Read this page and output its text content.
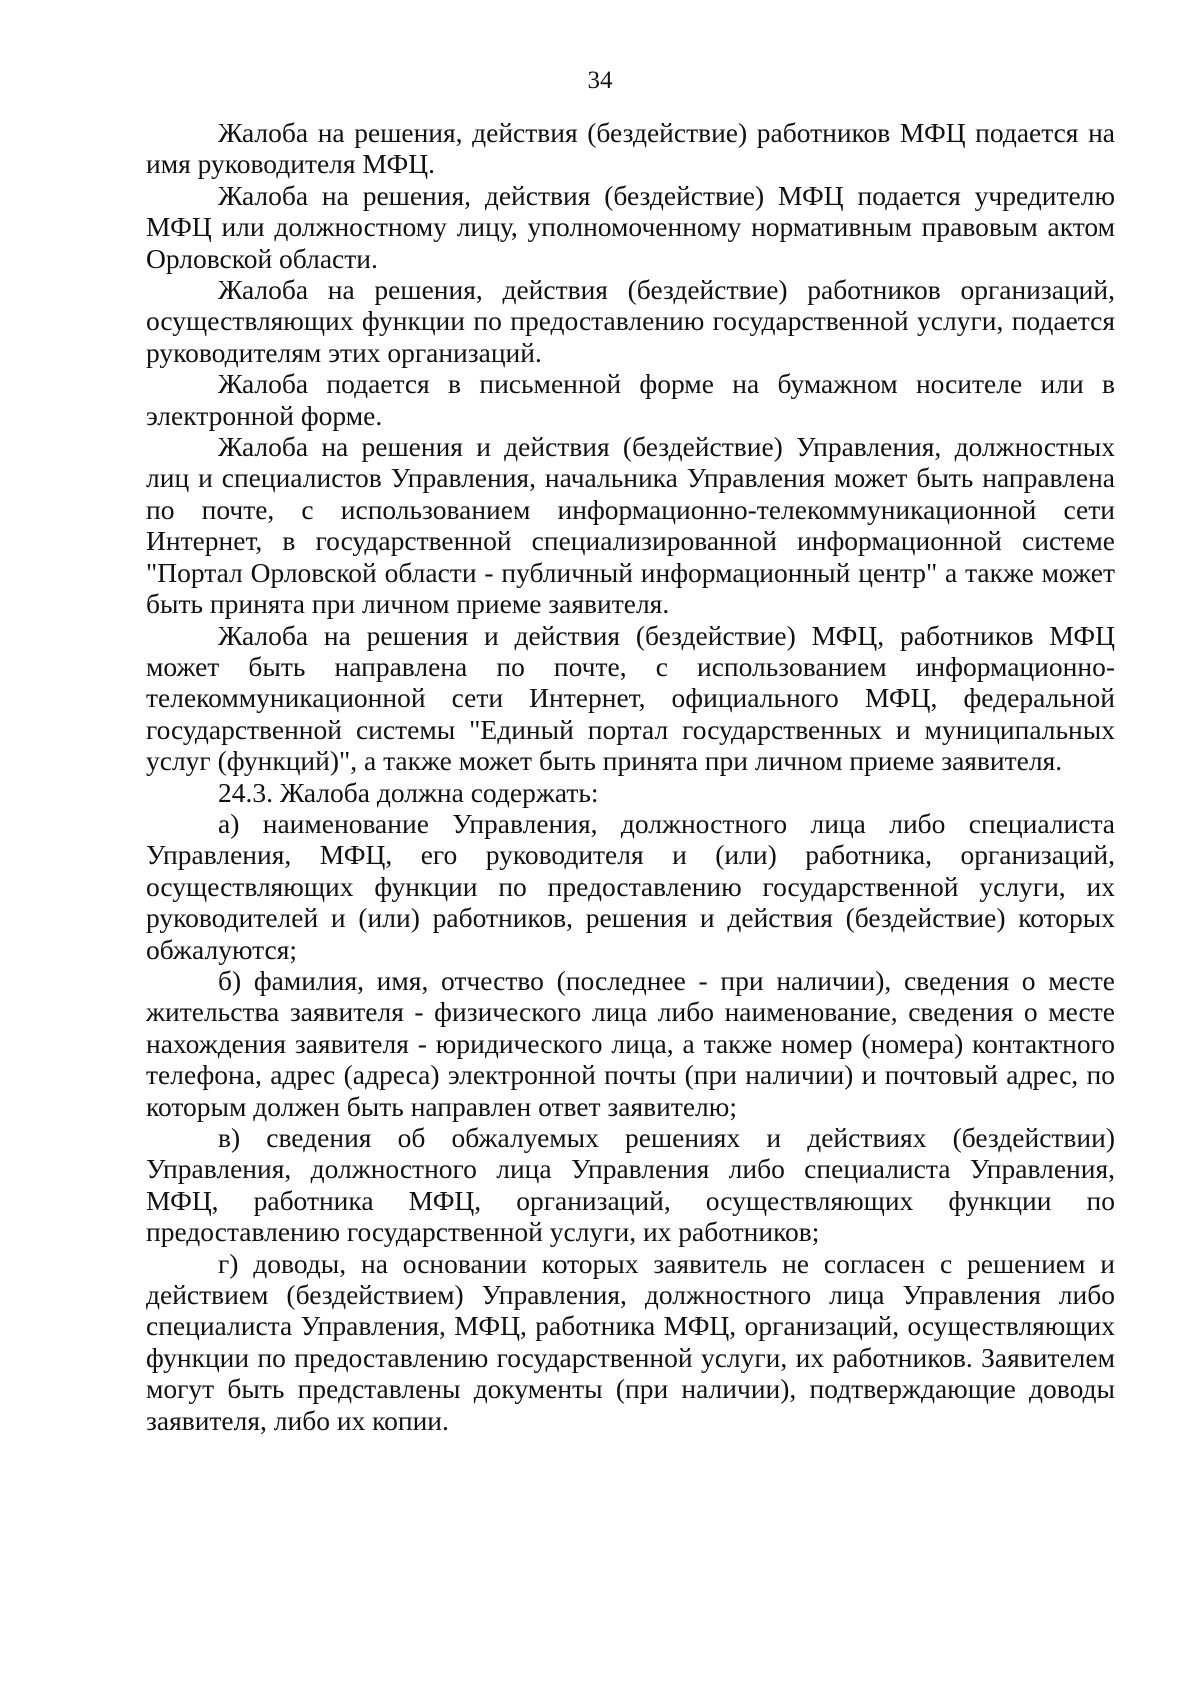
34

Жалоба на решения, действия (бездействие) работников МФЦ подается на имя руководителя МФЦ.

Жалоба на решения, действия (бездействие) МФЦ подается учредителю МФЦ или должностному лицу, уполномоченному нормативным правовым актом Орловской области.

Жалоба на решения, действия (бездействие) работников организаций, осуществляющих функции по предоставлению государственной услуги, подается руководителям этих организаций.

Жалоба подается в письменной форме на бумажном носителе или в электронной форме.

Жалоба на решения и действия (бездействие) Управления, должностных лиц и специалистов Управления, начальника Управления может быть направлена по почте, с использованием информационно-телекоммуникационной сети Интернет, в государственной специализированной информационной системе "Портал Орловской области - публичный информационный центр" а также может быть принята при личном приеме заявителя.

Жалоба на решения и действия (бездействие) МФЦ, работников МФЦ может быть направлена по почте, с использованием информационно-телекоммуникационной сети Интернет, официального МФЦ, федеральной государственной системы "Единый портал государственных и муниципальных услуг (функций)", а также может быть принята при личном приеме заявителя.

24.3. Жалоба должна содержать:

а) наименование Управления, должностного лица либо специалиста Управления, МФЦ, его руководителя и (или) работника, организаций, осуществляющих функции по предоставлению государственной услуги, их руководителей и (или) работников, решения и действия (бездействие) которых обжалуются;

б) фамилия, имя, отчество (последнее - при наличии), сведения о месте жительства заявителя - физического лица либо наименование, сведения о месте нахождения заявителя - юридического лица, а также номер (номера) контактного телефона, адрес (адреса) электронной почты (при наличии) и почтовый адрес, по которым должен быть направлен ответ заявителю;

в) сведения об обжалуемых решениях и действиях (бездействии) Управления, должностного лица Управления либо специалиста Управления, МФЦ, работника МФЦ, организаций, осуществляющих функции по предоставлению государственной услуги, их работников;

г) доводы, на основании которых заявитель не согласен с решением и действием (бездействием) Управления, должностного лица Управления либо специалиста Управления, МФЦ, работника МФЦ, организаций, осуществляющих функции по предоставлению государственной услуги, их работников. Заявителем могут быть представлены документы (при наличии), подтверждающие доводы заявителя, либо их копии.
